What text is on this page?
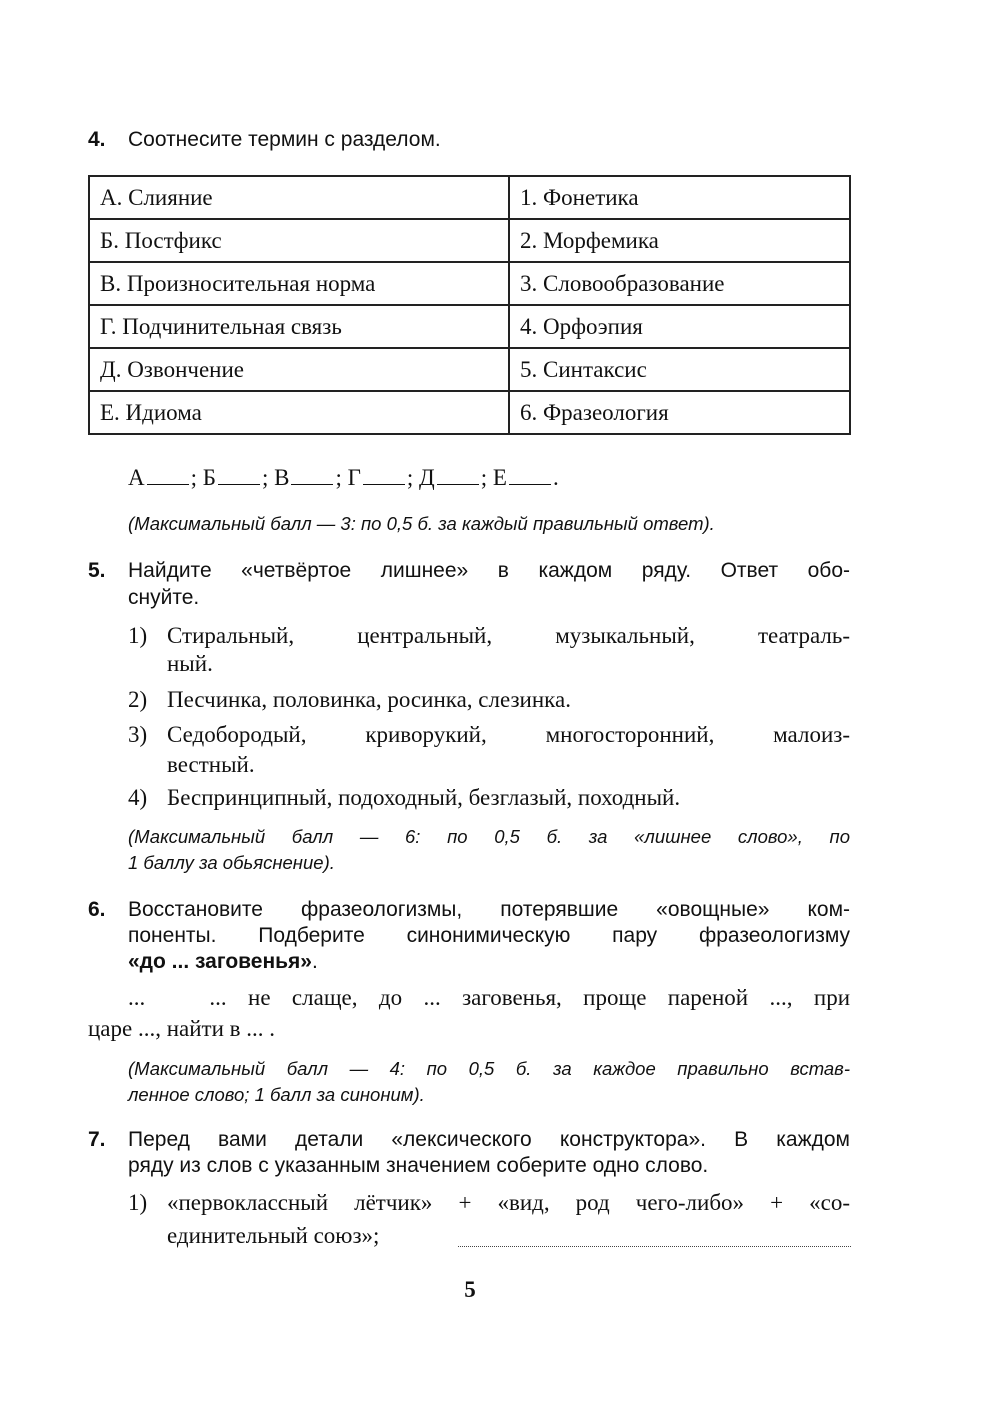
4. Соотнесите термин с разделом.
А. Слияние	1. Фонетика
Б. Постфикс	2. Морфемика
В. Произносительная норма	3. Словообразование
Г. Подчинительная связь	4. Орфоэпия
Д. Озвончение	5. Синтаксис
Е. Идиома	6. Фразеология
А ; Б ; В ; Г ; Д ; Е .
(Максимальный балл — 3: по 0,5 б. за каждый правильный ответ).
5. Найдите «четвёртое лишнее» в каждом ряду. Ответ обо-
снуйте.
1) Стиральный, центральный, музыкальный, театраль-
ный.
2) Песчинка, половинка, росинка, слезинка.
3) Седобородый, криворукий, многосторонний, малоиз-
вестный.
4) Беспринципный, подоходный, безглазый, походный.
(Максимальный балл — 6: по 0,5 б. за «лишнее слово», по
1 баллу за обьяснение).
6. Восстановите фразеологизмы, потерявшие «овощные» ком-
поненты. Подберите синонимическую пару фразеологизму
«до ... заговенья».
...   ... не слаще, до ... заговенья, проще пареной ..., при
царе ..., найти в ... .
(Максимальный балл — 4: по 0,5 б. за каждое правильно встав-
ленное слово; 1 балл за синоним).
7. Перед вами детали «лексического конструктора». В каждом
ряду из слов с указанным значением соберите одно слово.
1) «первоклассный лётчик» + «вид, род чего-либо» + «со-
единительный союз»;
5
